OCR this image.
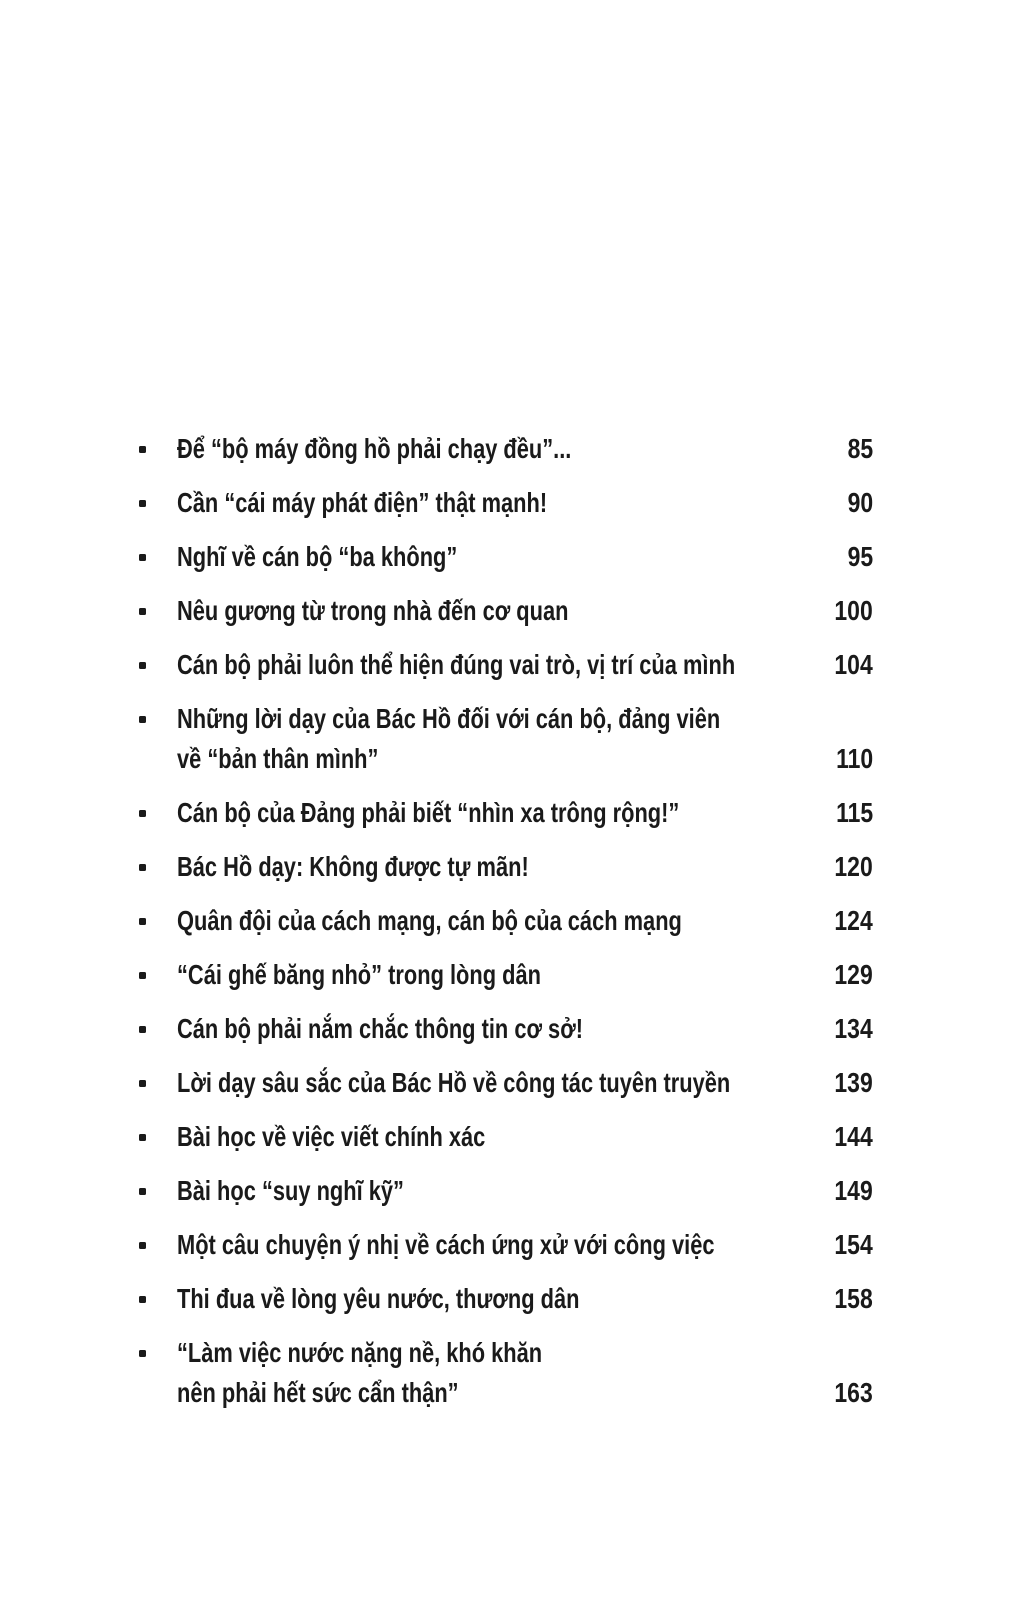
Để “bộ máy đồng hồ phải chạy đều”...	85
Cần “cái máy phát điện” thật mạnh!	90
Nghĩ về cán bộ “ba không”	95
Nêu gương từ trong nhà đến cơ quan	100
Cán bộ phải luôn thể hiện đúng vai trò, vị trí của mình	104
Những lời dạy của Bác Hồ đối với cán bộ, đảng viên
về “bản thân mình”	110
Cán bộ của Đảng phải biết “nhìn xa trông rộng!”	115
Bác Hồ dạy: Không được tự mãn!	120
Quân đội của cách mạng, cán bộ của cách mạng	124
“Cái ghế băng nhỏ” trong lòng dân	129
Cán bộ phải nắm chắc thông tin cơ sở!	134
Lời dạy sâu sắc của Bác Hồ về công tác tuyên truyền	139
Bài học về việc viết chính xác	144
Bài học “suy nghĩ kỹ”	149
Một câu chuyện ý nhị về cách ứng xử với công việc	154
Thi đua về lòng yêu nước, thương dân	158
“Làm việc nước nặng nề, khó khăn
nên phải hết sức cẩn thận”	163
